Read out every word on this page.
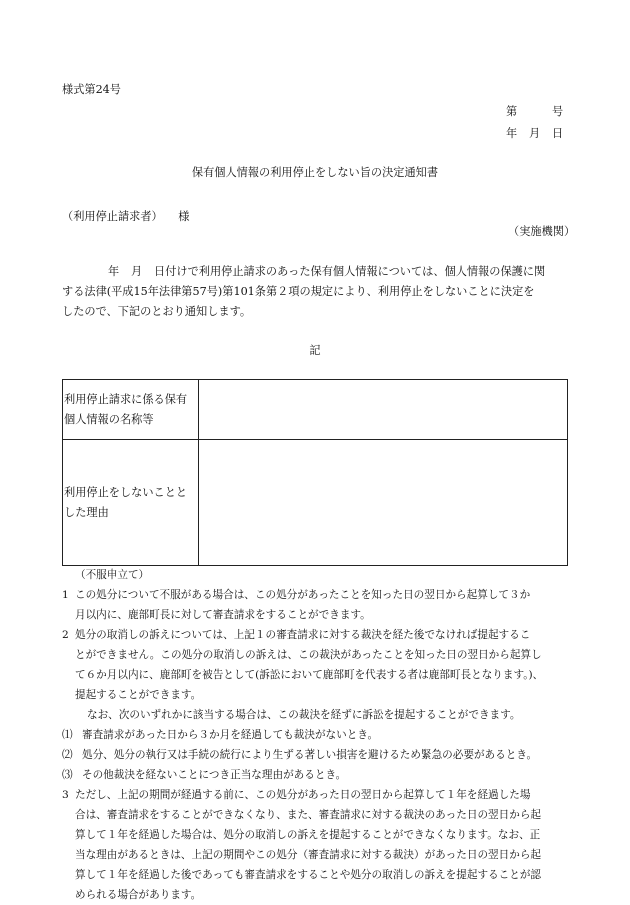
様式第24号
第	号
年 月 日
保有個人情報の利用停止をしない旨の決定通知書
（利用停止請求者） 様
（実施機関）
年 月 日付けで利用停止請求のあった保有個人情報については、個人情報の保護に関
する法律(平成15年法律第57号)第101条第２項の規定により、利用停止をしないことに決定を
したので、下記のとおり通知します。
記
利用停止請求に係る保有
個人情報の名称等	

利用停止をしないことと
した理由	

（不服申立て）
1 この処分について不服がある場合は、この処分があったことを知った日の翌日から起算して３か
月以内に、鹿部町長に対して審査請求をすることができます。
2 処分の取消しの訴えについては、上記１の審査請求に対する裁決を経た後でなければ提起するこ
とができません。この処分の取消しの訴えは、この裁決があったことを知った日の翌日から起算し
て６か月以内に、鹿部町を被告として(訴訟において鹿部町を代表する者は鹿部町長となります。)、
提起することができます。
なお、次のいずれかに該当する場合は、この裁決を経ずに訴訟を提起することができます。
⑴ 審査請求があった日から３か月を経過しても裁決がないとき。
⑵ 処分、処分の執行又は手続の続行により生ずる著しい損害を避けるため緊急の必要があるとき。
⑶ その他裁決を経ないことにつき正当な理由があるとき。
3 ただし、上記の期間が経過する前に、この処分があった日の翌日から起算して１年を経過した場
合は、審査請求をすることができなくなり、また、審査請求に対する裁決のあった日の翌日から起
算して１年を経過した場合は、処分の取消しの訴えを提起することができなくなります。なお、正
当な理由があるときは、上記の期間やこの処分（審査請求に対する裁決）があった日の翌日から起
算して１年を経過した後であっても審査請求をすることや処分の取消しの訴えを提起することが認
められる場合があります。
